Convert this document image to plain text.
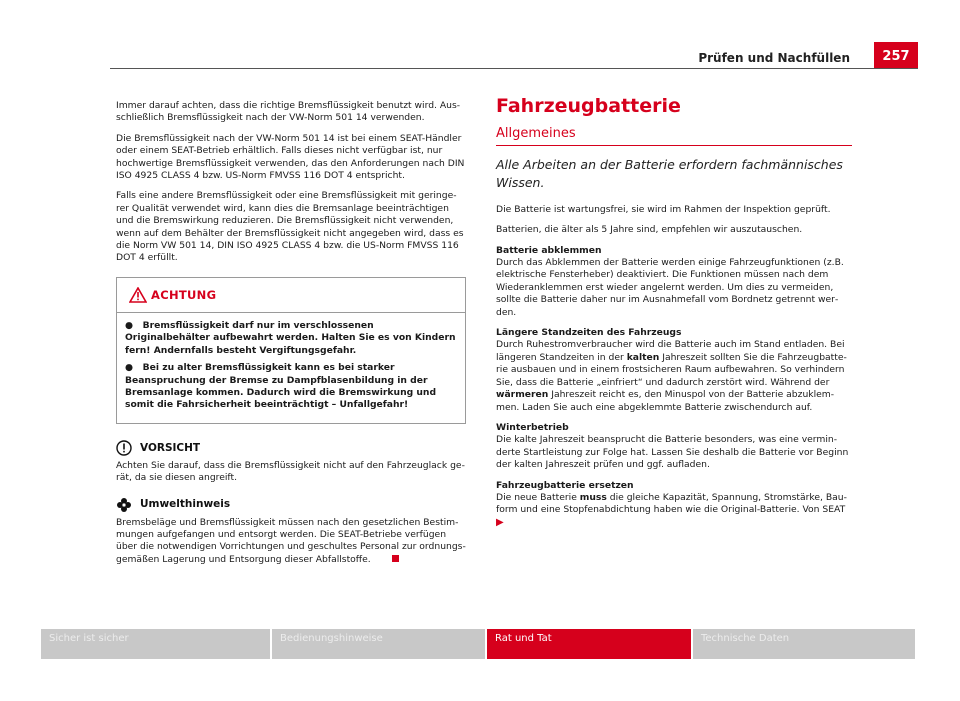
Prüfen und Nachfüllen	257

Immer darauf achten, dass die richtige Bremsflüssigkeit benutzt wird. Ausschließlich Bremsflüssigkeit nach der VW-Norm 501 14 verwenden.

Die Bremsflüssigkeit nach der VW-Norm 501 14 ist bei einem SEAT-Händler oder einem SEAT-Betrieb erhältlich. Falls dieses nicht verfügbar ist, nur hochwertige Bremsflüssigkeit verwenden, das den Anforderungen nach DIN ISO 4925 CLASS 4 bzw. US-Norm FMVSS 116 DOT 4 entspricht.

Falls eine andere Bremsflüssigkeit oder eine Bremsflüssigkeit mit geringerer Qualität verwendet wird, kann dies die Bremsanlage beeinträchtigen und die Bremswirkung reduzieren. Die Bremsflüssigkeit nicht verwenden, wenn auf dem Behälter der Bremsflüssigkeit nicht angegeben wird, dass es die Norm VW 501 14, DIN ISO 4925 CLASS 4 bzw. die US-Norm FMVSS 116 DOT 4 erfüllt.

ACHTUNG

● Bremsflüssigkeit darf nur im verschlossenen Originalbehälter aufbewahrt werden. Halten Sie es von Kindern fern! Andernfalls besteht Vergiftungsgefahr.

● Bei zu alter Bremsflüssigkeit kann es bei starker Beanspruchung der Bremse zu Dampfblasenbildung in der Bremsanlage kommen. Dadurch wird die Bremswirkung und somit die Fahrsicherheit beeinträchtigt – Unfallgefahr!

VORSICHT

Achten Sie darauf, dass die Bremsflüssigkeit nicht auf den Fahrzeuglack gerät, da sie diesen angreift.

Umwelthinweis

Bremsbeläge und Bremsflüssigkeit müssen nach den gesetzlichen Bestimmungen aufgefangen und entsorgt werden. Die SEAT-Betriebe verfügen über die notwendigen Vorrichtungen und geschultes Personal zur ordnungsgemäßen Lagerung und Entsorgung dieser Abfallstoffe.

Fahrzeugbatterie
Allgemeines
Alle Arbeiten an der Batterie erfordern fachmännisches Wissen.

Die Batterie ist wartungsfrei, sie wird im Rahmen der Inspektion geprüft.

Batterien, die älter als 5 Jahre sind, empfehlen wir auszutauschen.

Batterie abklemmen
Durch das Abklemmen der Batterie werden einige Fahrzeugfunktionen (z.B. elektrische Fensterheber) deaktiviert. Die Funktionen müssen nach dem Wiederanklemmen erst wieder angelernt werden. Um dies zu vermeiden, sollte die Batterie daher nur im Ausnahmefall vom Bordnetz getrennt werden.

Längere Standzeiten des Fahrzeugs
Durch Ruhestromverbraucher wird die Batterie auch im Stand entladen. Bei längeren Standzeiten in der kalten Jahreszeit sollten Sie die Fahrzeugbatterie ausbauen und in einem frostsicheren Raum aufbewahren. So verhindern Sie, dass die Batterie „einfriert“ und dadurch zerstört wird. Während der wärmeren Jahreszeit reicht es, den Minuspol von der Batterie abzuklemmen. Laden Sie auch eine abgeklemmte Batterie zwischendurch auf.

Winterbetrieb
Die kalte Jahreszeit beansprucht die Batterie besonders, was eine verminderte Startleistung zur Folge hat. Lassen Sie deshalb die Batterie vor Beginn der kalten Jahreszeit prüfen und ggf. aufladen.

Fahrzeugbatterie ersetzen
Die neue Batterie muss die gleiche Kapazität, Spannung, Stromstärke, Bauform und eine Stopfenabdichtung haben wie die Original-Batterie. Von SEAT ▶

Sicher ist sicher	Bedienungshinweise	Rat und Tat	Technische Daten
